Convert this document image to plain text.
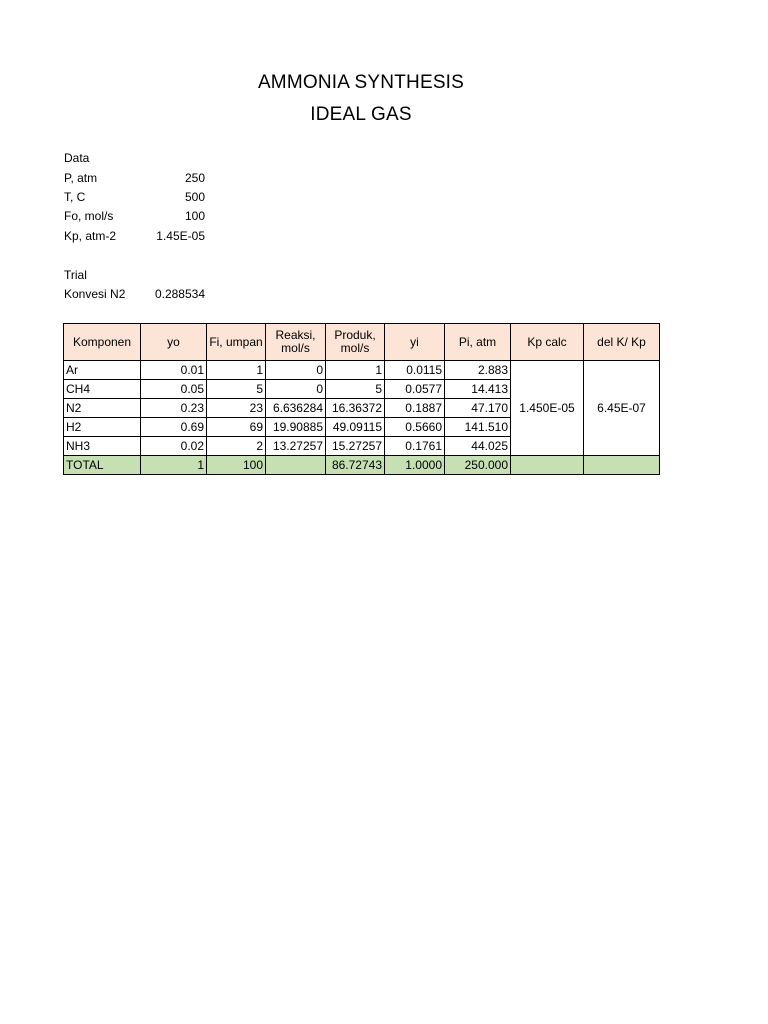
AMMONIA SYNTHESIS
IDEAL GAS
Data
P, atm	250
T, C	500
Fo, mol/s	100
Kp, atm-2	1.45E-05
Trial
Konvesi N2 0.288534
Komponen	yo	Fi, umpan	Reaksi, mol/s	Produk, mol/s	yi	Pi, atm	Kp calc	del K/ Kp
Ar	0.01	1	0	1	0.0115	2.883	1.450E-05	6.45E-07
CH4	0.05	5	0	5	0.0577	14.413		
N2	0.23	23	6.636284	16.36372	0.1887	47.170		
H2	0.69	69	19.90885	49.09115	0.5660	141.510		
NH3	0.02	2	13.27257	15.27257	0.1761	44.025		
TOTAL	1	100		86.72743	1.0000	250.000		
